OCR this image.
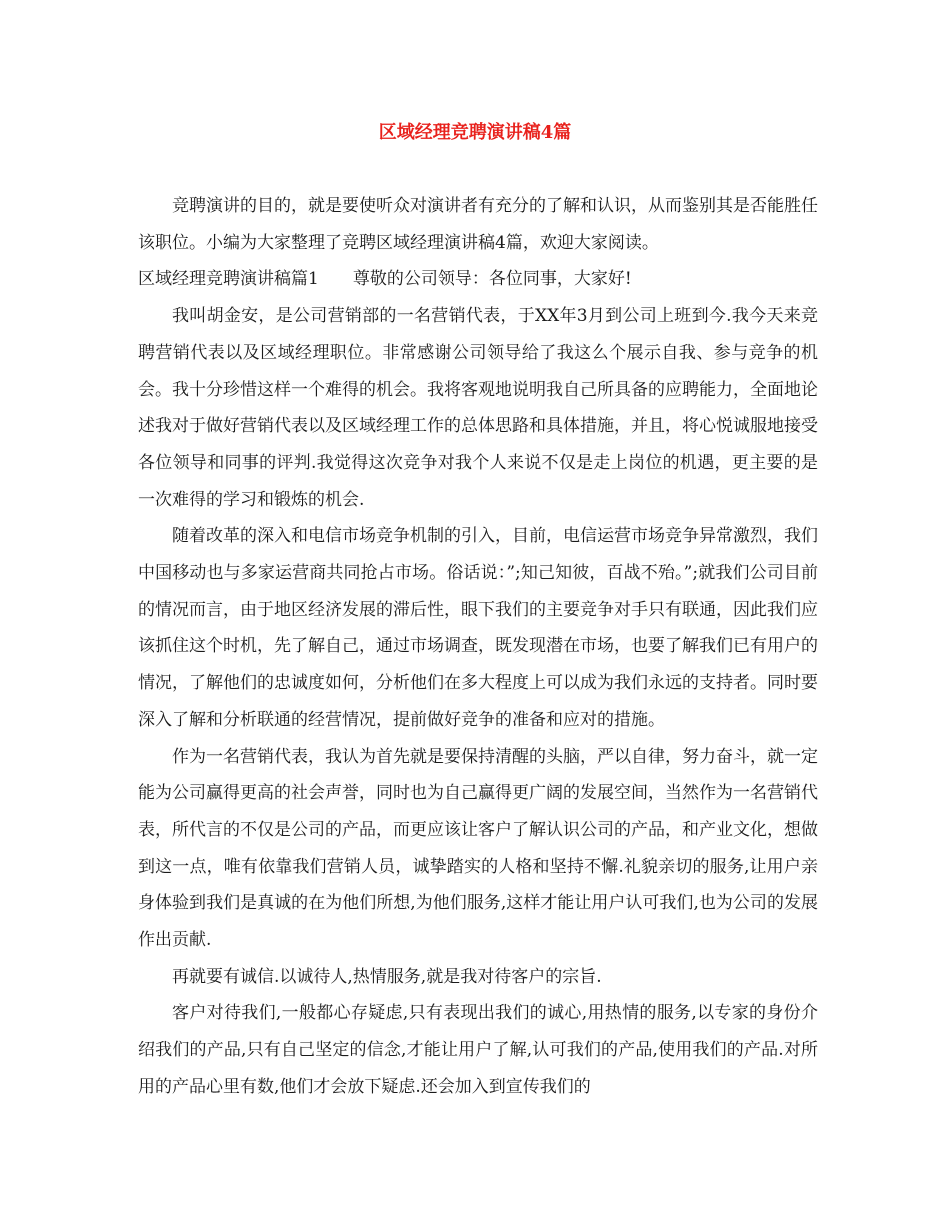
区域经理竞聘演讲稿4篇

竞聘演讲的目的，就是要使听众对演讲者有充分的了解和认识，从而鉴别其是否能胜任该职位。小编为大家整理了竞聘区域经理演讲稿4篇，欢迎大家阅读。

区域经理竞聘演讲稿篇1　　尊敬的公司领导：各位同事，大家好!

我叫胡金安，是公司营销部的一名营销代表，于XX年3月到公司上班到今.我今天来竞聘营销代表以及区域经理职位。非常感谢公司领导给了我这么个展示自我、参与竞争的机会。我十分珍惜这样一个难得的机会。我将客观地说明我自己所具备的应聘能力，全面地论述我对于做好营销代表以及区域经理工作的总体思路和具体措施，并且，将心悦诚服地接受各位领导和同事的评判.我觉得这次竞争对我个人来说不仅是走上岗位的机遇，更主要的是一次难得的学习和锻炼的机会.

随着改革的深入和电信市场竞争机制的引入，目前，电信运营市场竞争异常激烈，我们中国移动也与多家运营商共同抢占市场。俗话说：”;知己知彼，百战不殆。”;就我们公司目前的情况而言，由于地区经济发展的滞后性，眼下我们的主要竞争对手只有联通，因此我们应该抓住这个时机，先了解自己，通过市场调查，既发现潜在市场，也要了解我们已有用户的情况，了解他们的忠诚度如何，分析他们在多大程度上可以成为我们永远的支持者。同时要深入了解和分析联通的经营情况，提前做好竞争的准备和应对的措施。

作为一名营销代表，我认为首先就是要保持清醒的头脑，严以自律，努力奋斗，就一定能为公司赢得更高的社会声誉，同时也为自己赢得更广阔的发展空间，当然作为一名营销代表，所代言的不仅是公司的产品，而更应该让客户了解认识公司的产品，和产业文化，想做到这一点，唯有依靠我们营销人员，诚挚踏实的人格和坚持不懈.礼貌亲切的服务,让用户亲身体验到我们是真诚的在为他们所想,为他们服务,这样才能让用户认可我们,也为公司的发展作出贡献.

再就要有诚信.以诚待人,热情服务,就是我对待客户的宗旨.

客户对待我们,一般都心存疑虑,只有表现出我们的诚心,用热情的服务,以专家的身份介绍我们的产品,只有自己坚定的信念,才能让用户了解,认可我们的产品,使用我们的产品.对所用的产品心里有数,他们才会放下疑虑.还会加入到宣传我们的
